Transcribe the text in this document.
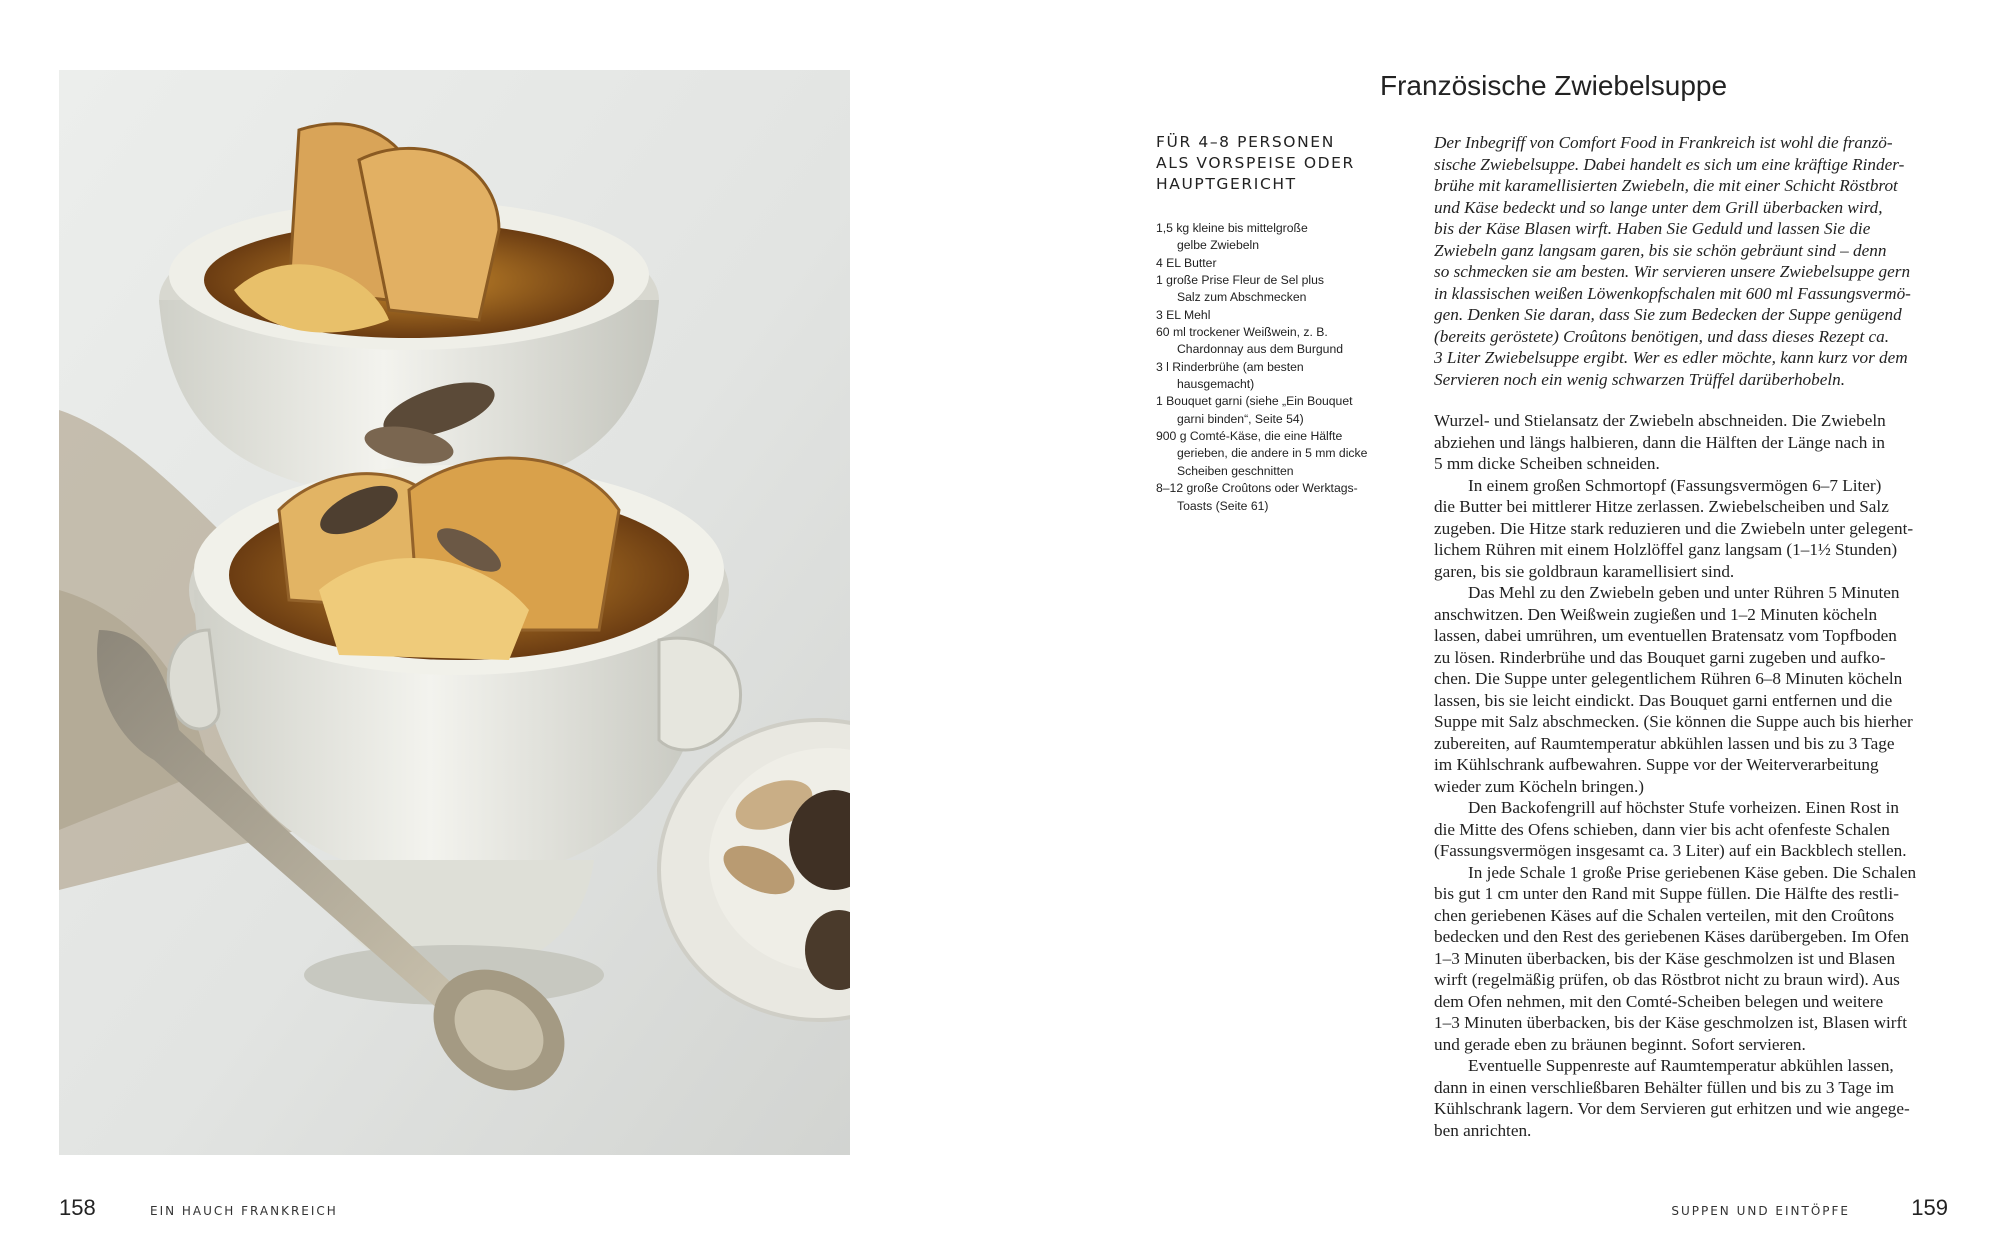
Französische Zwiebelsuppe
FÜR 4–8 PERSONEN
ALS VORSPEISE ODER
HAUPTGERICHT
1,5 kg kleine bis mittelgroße
gelbe Zwiebeln
4 EL Butter
1 große Prise Fleur de Sel plus
Salz zum Abschmecken
3 EL Mehl
60 ml trockener Weißwein, z. B.
Chardonnay aus dem Burgund
3 l Rinderbrühe (am besten
hausgemacht)
1 Bouquet garni (siehe „Ein Bouquet
garni binden“, Seite 54)
900 g Comté-Käse, die eine Hälfte
gerieben, die andere in 5 mm dicke
Scheiben geschnitten
8–12 große Croûtons oder Werktags-
Toasts (Seite 61)
Der Inbegriff von Comfort Food in Frankreich ist wohl die franzö-
sische Zwiebelsuppe. Dabei handelt es sich um eine kräftige Rinder-
brühe mit karamellisierten Zwiebeln, die mit einer Schicht Röstbrot
und Käse bedeckt und so lange unter dem Grill überbacken wird,
bis der Käse Blasen wirft. Haben Sie Geduld und lassen Sie die
Zwiebeln ganz langsam garen, bis sie schön gebräunt sind – denn
so schmecken sie am besten. Wir servieren unsere Zwiebelsuppe gern
in klassischen weißen Löwenkopfschalen mit 600 ml Fassungsvermö-
gen. Denken Sie daran, dass Sie zum Bedecken der Suppe genügend
(bereits geröstete) Croûtons benötigen, und dass dieses Rezept ca.
3 Liter Zwiebelsuppe ergibt. Wer es edler möchte, kann kurz vor dem
Servieren noch ein wenig schwarzen Trüffel darüberhobeln.
Wurzel- und Stielansatz der Zwiebeln abschneiden. Die Zwiebeln
abziehen und längs halbieren, dann die Hälften der Länge nach in
5 mm dicke Scheiben schneiden.
In einem großen Schmortopf (Fassungsvermögen 6–7 Liter)
die Butter bei mittlerer Hitze zerlassen. Zwiebelscheiben und Salz
zugeben. Die Hitze stark reduzieren und die Zwiebeln unter gelegent-
lichem Rühren mit einem Holzlöffel ganz langsam (1–1½ Stunden)
garen, bis sie goldbraun karamellisiert sind.
Das Mehl zu den Zwiebeln geben und unter Rühren 5 Minuten
anschwitzen. Den Weißwein zugießen und 1–2 Minuten köcheln
lassen, dabei umrühren, um eventuellen Bratensatz vom Topfboden
zu lösen. Rinderbrühe und das Bouquet garni zugeben und aufko-
chen. Die Suppe unter gelegentlichem Rühren 6–8 Minuten köcheln
lassen, bis sie leicht eindickt. Das Bouquet garni entfernen und die
Suppe mit Salz abschmecken. (Sie können die Suppe auch bis hierher
zubereiten, auf Raumtemperatur abkühlen lassen und bis zu 3 Tage
im Kühlschrank aufbewahren. Suppe vor der Weiterverarbeitung
wieder zum Köcheln bringen.)
Den Backofengrill auf höchster Stufe vorheizen. Einen Rost in
die Mitte des Ofens schieben, dann vier bis acht ofenfeste Schalen
(Fassungsvermögen insgesamt ca. 3 Liter) auf ein Backblech stellen.
In jede Schale 1 große Prise geriebenen Käse geben. Die Schalen
bis gut 1 cm unter den Rand mit Suppe füllen. Die Hälfte des restli-
chen geriebenen Käses auf die Schalen verteilen, mit den Croûtons
bedecken und den Rest des geriebenen Käses darübergeben. Im Ofen
1–3 Minuten überbacken, bis der Käse geschmolzen ist und Blasen
wirft (regelmäßig prüfen, ob das Röstbrot nicht zu braun wird). Aus
dem Ofen nehmen, mit den Comté-Scheiben belegen und weitere
1–3 Minuten überbacken, bis der Käse geschmolzen ist, Blasen wirft
und gerade eben zu bräunen beginnt. Sofort servieren.
Eventuelle Suppenreste auf Raumtemperatur abkühlen lassen,
dann in einen verschließbaren Behälter füllen und bis zu 3 Tage im
Kühlschrank lagern. Vor dem Servieren gut erhitzen und wie angege-
ben anrichten.
158	EIN HAUCH FRANKREICH	SUPPEN UND EINTÖPFE	159
